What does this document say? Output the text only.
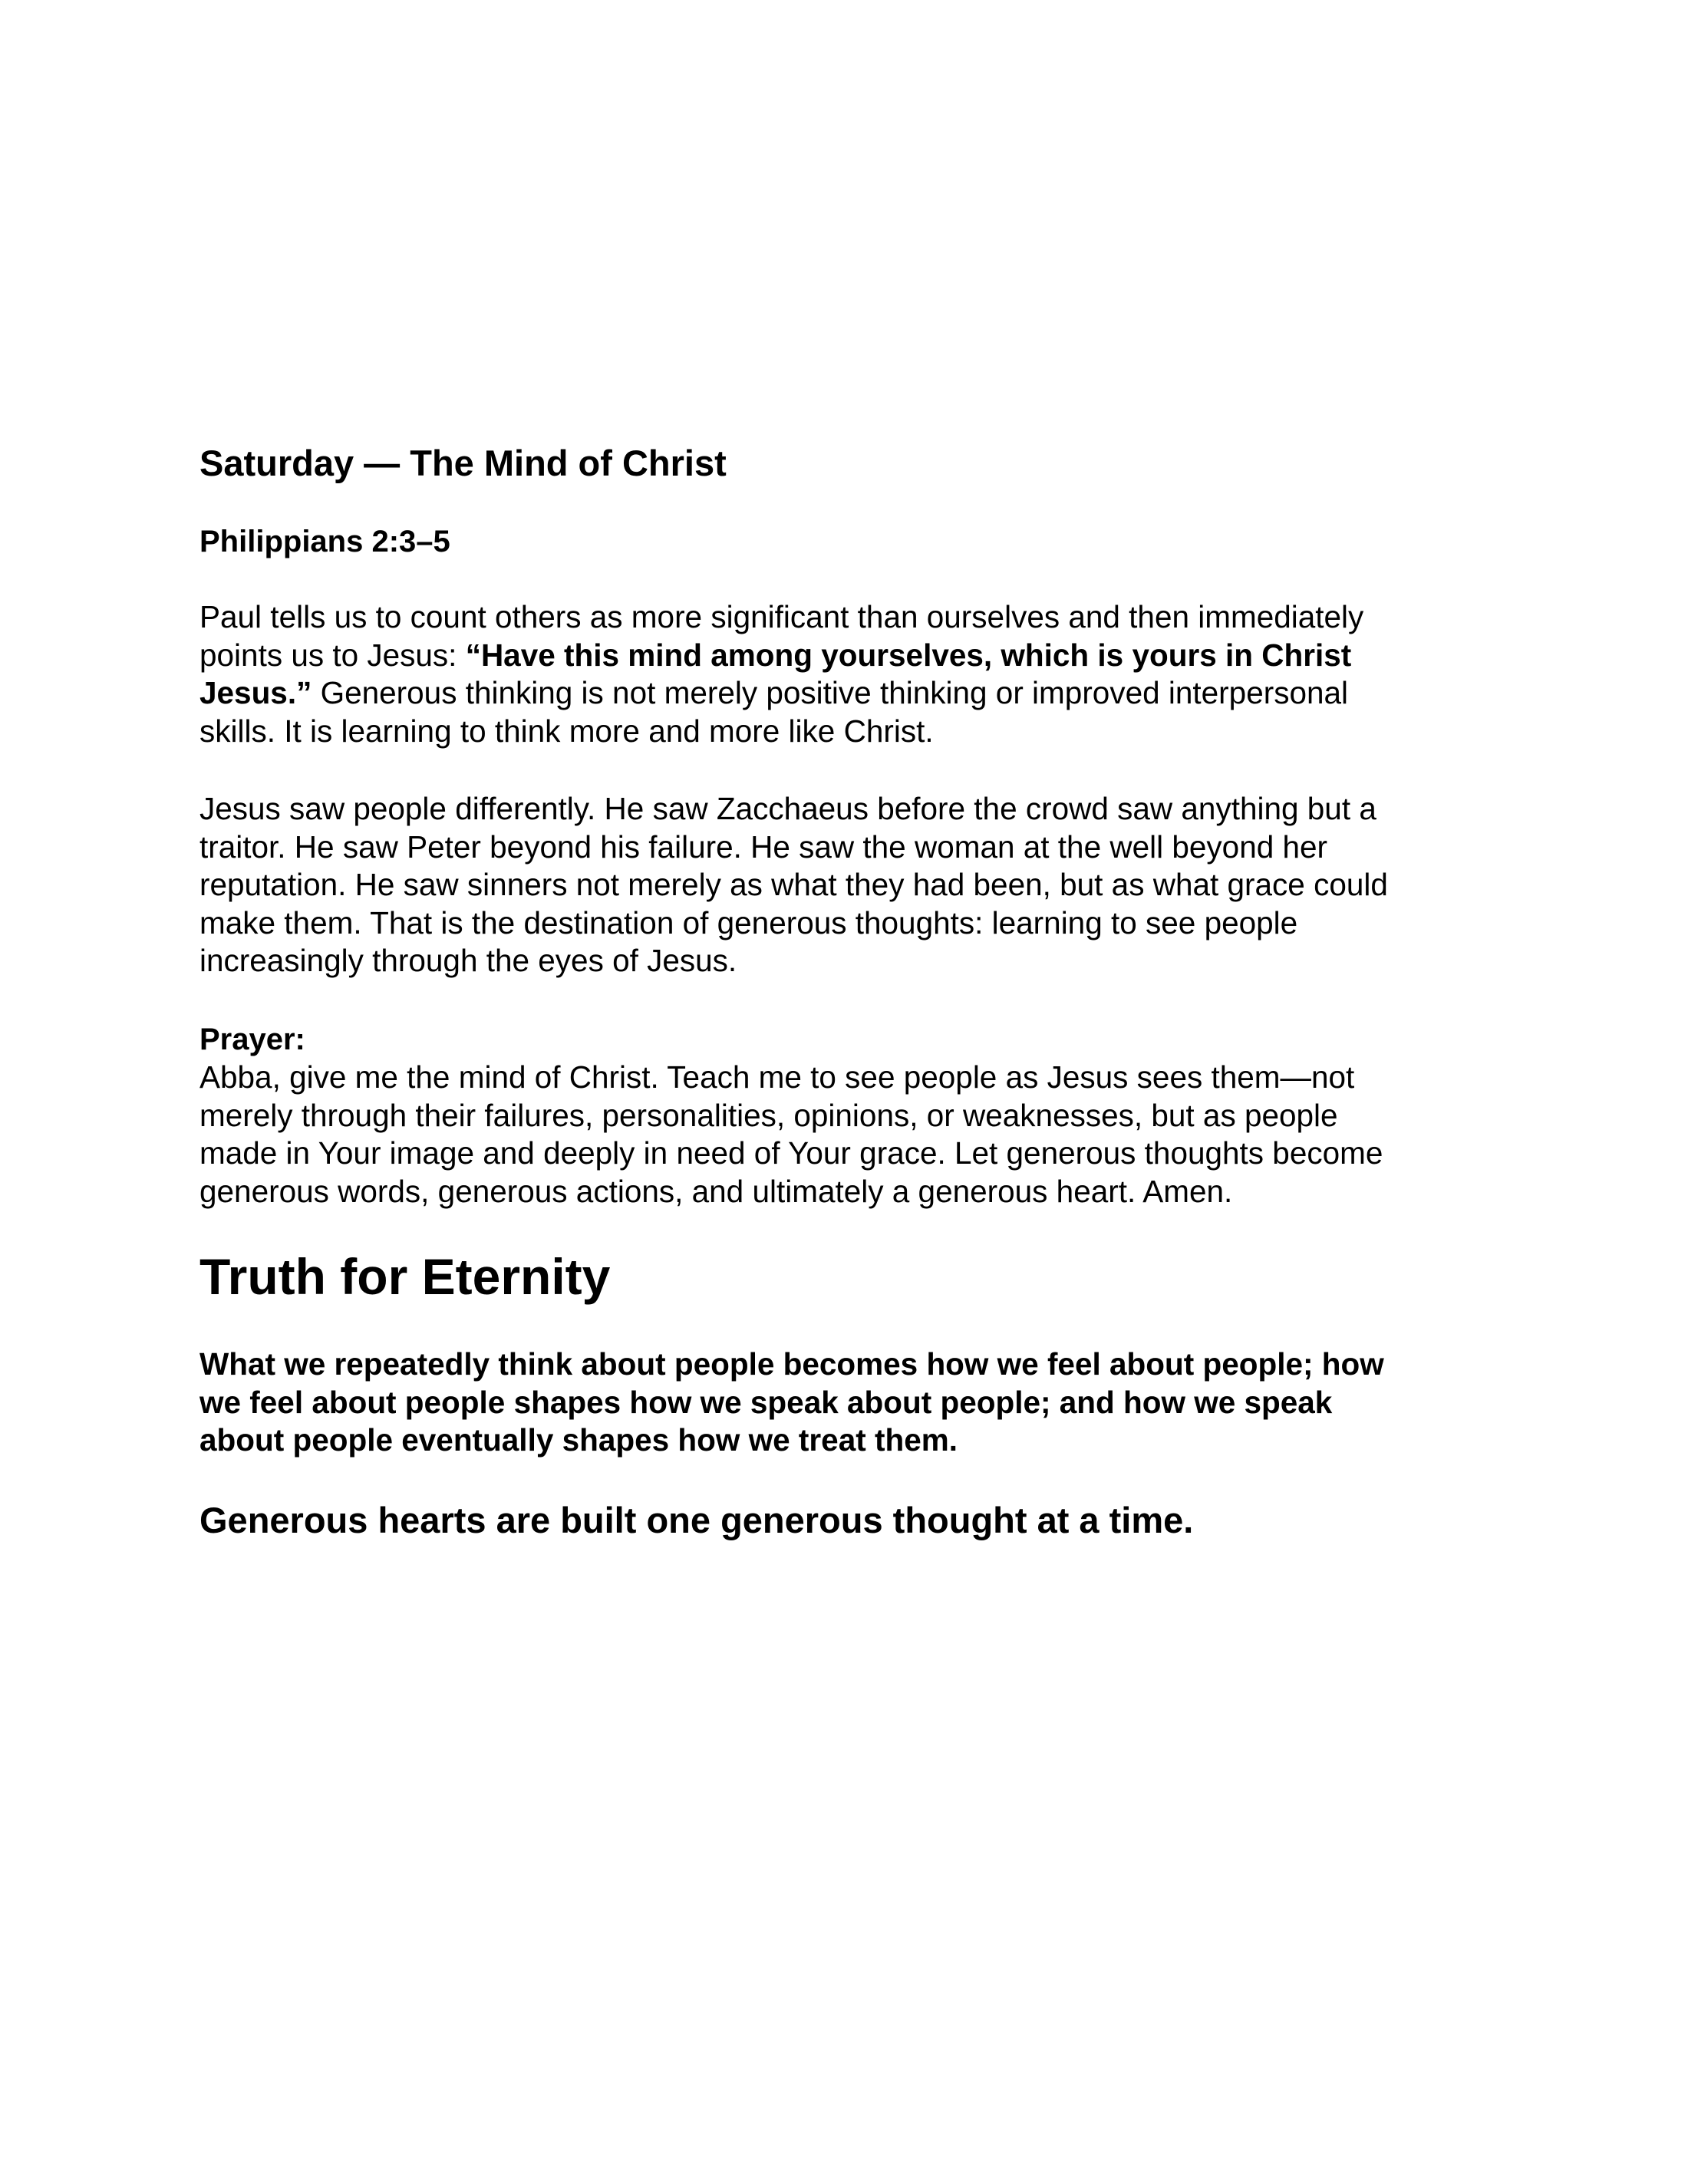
Saturday — The Mind of Christ
Philippians 2:3–5

Paul tells us to count others as more significant than ourselves and then immediately
points us to Jesus: “Have this mind among yourselves, which is yours in Christ
Jesus.” Generous thinking is not merely positive thinking or improved interpersonal
skills. It is learning to think more and more like Christ.

Jesus saw people differently. He saw Zacchaeus before the crowd saw anything but a
traitor. He saw Peter beyond his failure. He saw the woman at the well beyond her
reputation. He saw sinners not merely as what they had been, but as what grace could
make them. That is the destination of generous thoughts: learning to see people
increasingly through the eyes of Jesus.

Prayer:

Abba, give me the mind of Christ. Teach me to see people as Jesus sees them—not
merely through their failures, personalities, opinions, or weaknesses, but as people
made in Your image and deeply in need of Your grace. Let generous thoughts become
generous words, generous actions, and ultimately a generous heart. Amen.

Truth for Eternity

What we repeatedly think about people becomes how we feel about people; how
we feel about people shapes how we speak about people; and how we speak
about people eventually shapes how we treat them.

Generous hearts are built one generous thought at a time.
